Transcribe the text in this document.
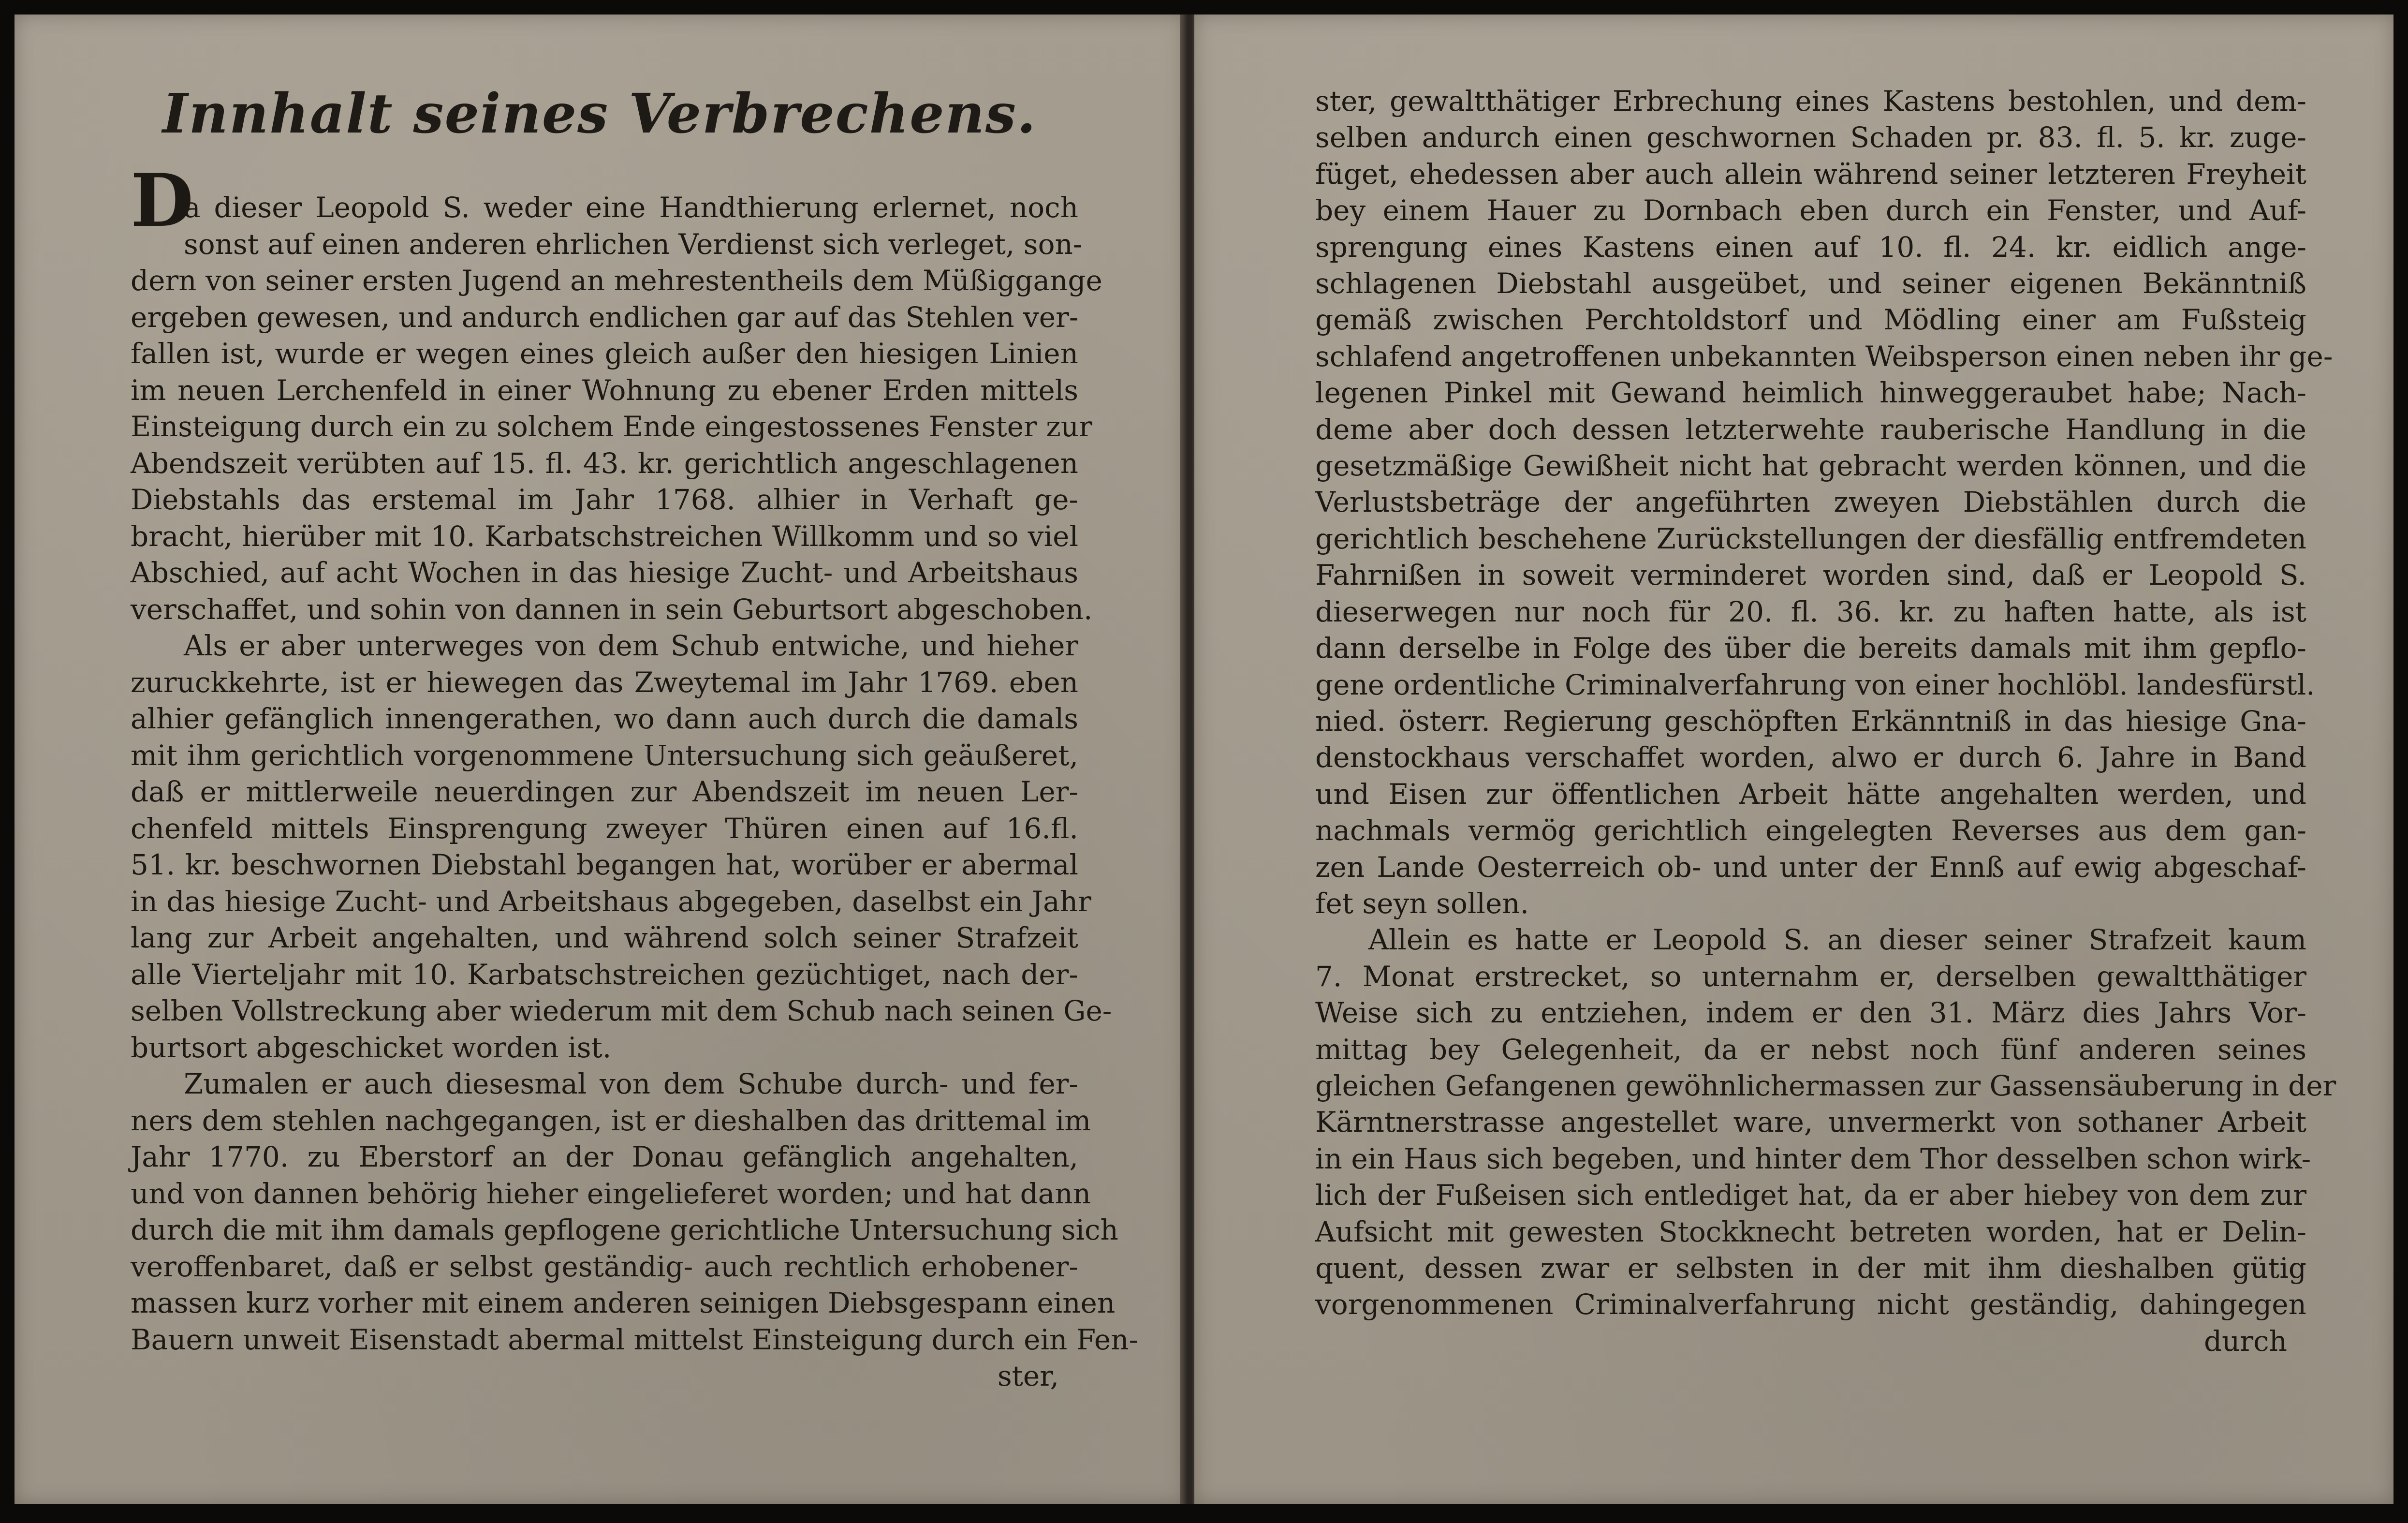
Innhalt seines Verbrechens.
Da dieser Leopold S. weder eine Handthierung erlernet, noch
sonst auf einen anderen ehrlichen Verdienst sich verleget, son-
dern von seiner ersten Jugend an mehrestentheils dem Müßiggange
ergeben gewesen, und andurch endlichen gar auf das Stehlen ver-
fallen ist, wurde er wegen eines gleich außer den hiesigen Linien
im neuen Lerchenfeld in einer Wohnung zu ebener Erden mittels
Einsteigung durch ein zu solchem Ende eingestossenes Fenster zur
Abendszeit verübten auf 15. fl. 43. kr. gerichtlich angeschlagenen
Diebstahls das erstemal im Jahr 1768. alhier in Verhaft ge-
bracht, hierüber mit 10. Karbatschstreichen Willkomm und so viel
Abschied, auf acht Wochen in das hiesige Zucht- und Arbeitshaus
verschaffet, und sohin von dannen in sein Geburtsort abgeschoben.
Als er aber unterweges von dem Schub entwiche, und hieher
zuruckkehrte, ist er hiewegen das Zweytemal im Jahr 1769. eben
alhier gefänglich innengerathen, wo dann auch durch die damals
mit ihm gerichtlich vorgenommene Untersuchung sich geäußeret,
daß er mittlerweile neuerdingen zur Abendszeit im neuen Ler-
chenfeld mittels Einsprengung zweyer Thüren einen auf 16.fl.
51. kr. beschwornen Diebstahl begangen hat, worüber er abermal
in das hiesige Zucht- und Arbeitshaus abgegeben, daselbst ein Jahr
lang zur Arbeit angehalten, und während solch seiner Strafzeit
alle Vierteljahr mit 10. Karbatschstreichen gezüchtiget, nach der-
selben Vollstreckung aber wiederum mit dem Schub nach seinen Ge-
burtsort abgeschicket worden ist.
Zumalen er auch diesesmal von dem Schube durch- und fer-
ners dem stehlen nachgegangen, ist er dieshalben das drittemal im
Jahr 1770. zu Eberstorf an der Donau gefänglich angehalten,
und von dannen behörig hieher eingelieferet worden; und hat dann
durch die mit ihm damals gepflogene gerichtliche Untersuchung sich
veroffenbaret, daß er selbst geständig- auch rechtlich erhobener-
massen kurz vorher mit einem anderen seinigen Diebsgespann einen
Bauern unweit Eisenstadt abermal mittelst Einsteigung durch ein Fen-
ster,
ster, gewaltthätiger Erbrechung eines Kastens bestohlen, und dem-
selben andurch einen geschwornen Schaden pr. 83. fl. 5. kr. zuge-
füget, ehedessen aber auch allein während seiner letzteren Freyheit
bey einem Hauer zu Dornbach eben durch ein Fenster, und Auf-
sprengung eines Kastens einen auf 10. fl. 24. kr. eidlich ange-
schlagenen Diebstahl ausgeübet, und seiner eigenen Bekänntniß
gemäß zwischen Perchtoldstorf und Mödling einer am Fußsteig
schlafend angetroffenen unbekannten Weibsperson einen neben ihr ge-
legenen Pinkel mit Gewand heimlich hinweggeraubet habe; Nach-
deme aber doch dessen letzterwehte rauberische Handlung in die
gesetzmäßige Gewißheit nicht hat gebracht werden können, und die
Verlustsbeträge der angeführten zweyen Diebstählen durch die
gerichtlich beschehene Zurückstellungen der diesfällig entfremdeten
Fahrnißen in soweit verminderet worden sind, daß er Leopold S.
dieserwegen nur noch für 20. fl. 36. kr. zu haften hatte, als ist
dann derselbe in Folge des über die bereits damals mit ihm gepflo-
gene ordentliche Criminalverfahrung von einer hochlöbl. landesfürstl.
nied. österr. Regierung geschöpften Erkänntniß in das hiesige Gna-
denstockhaus verschaffet worden, alwo er durch 6. Jahre in Band
und Eisen zur öffentlichen Arbeit hätte angehalten werden, und
nachmals vermög gerichtlich eingelegten Reverses aus dem gan-
zen Lande Oesterreich ob- und unter der Ennß auf ewig abgeschaf-
fet seyn sollen.
Allein es hatte er Leopold S. an dieser seiner Strafzeit kaum
7. Monat erstrecket, so unternahm er, derselben gewaltthätiger
Weise sich zu entziehen, indem er den 31. März dies Jahrs Vor-
mittag bey Gelegenheit, da er nebst noch fünf anderen seines
gleichen Gefangenen gewöhnlichermassen zur Gassensäuberung in der
Kärntnerstrasse angestellet ware, unvermerkt von sothaner Arbeit
in ein Haus sich begeben, und hinter dem Thor desselben schon wirk-
lich der Fußeisen sich entlediget hat, da er aber hiebey von dem zur
Aufsicht mit gewesten Stockknecht betreten worden, hat er Delin-
quent, dessen zwar er selbsten in der mit ihm dieshalben gütig
vorgenommenen Criminalverfahrung nicht geständig, dahingegen
durch
